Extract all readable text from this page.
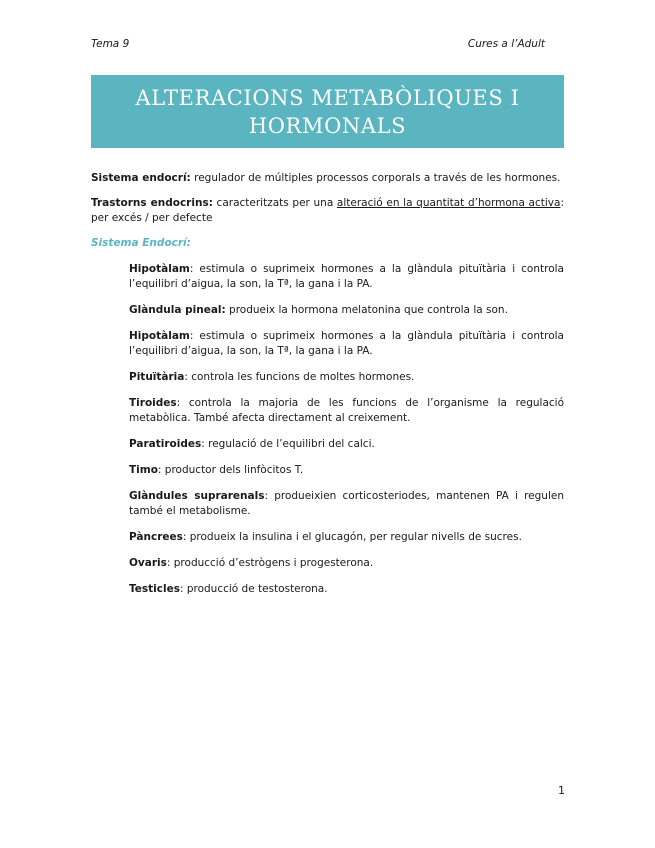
Tema 9	Cures a l’Adult
ALTERACIONS METABÒLIQUES I HORMONALS

Sistema endocrí: regulador de múltiples processos corporals a través de les hormones.

Trastorns endocrins: caracteritzats per una alteració en la quantitat d’hormona activa: per excés / per defecte

Sistema Endocrí:

Hipotàlam: estimula o suprimeix hormones a la glàndula pituïtària i controla l’equilibri d’aigua, la son, la Tª, la gana i la PA.

Glàndula pineal: produeix la hormona melatonina que controla la son.

Hipotàlam: estimula o suprimeix hormones a la glàndula pituïtària i controla l’equilibri d’aigua, la son, la Tª, la gana i la PA.

Pituïtària: controla les funcions de moltes hormones.

Tiroides: controla la majoria de les funcions de l’organisme la regulació metabòlica. També afecta directament al creixement.

Paratiroides: regulació de l’equilibri del calci.

Timo: productor dels linfòcitos T.

Glàndules suprarenals: produeixien corticosteriodes, mantenen PA i regulen també el metabolisme.

Pàncrees: produeix la insulina i el glucagón, per regular nivells de sucres.

Ovaris: producció d’estrògens i progesterona.

Testicles: producció de testosterona.

1
